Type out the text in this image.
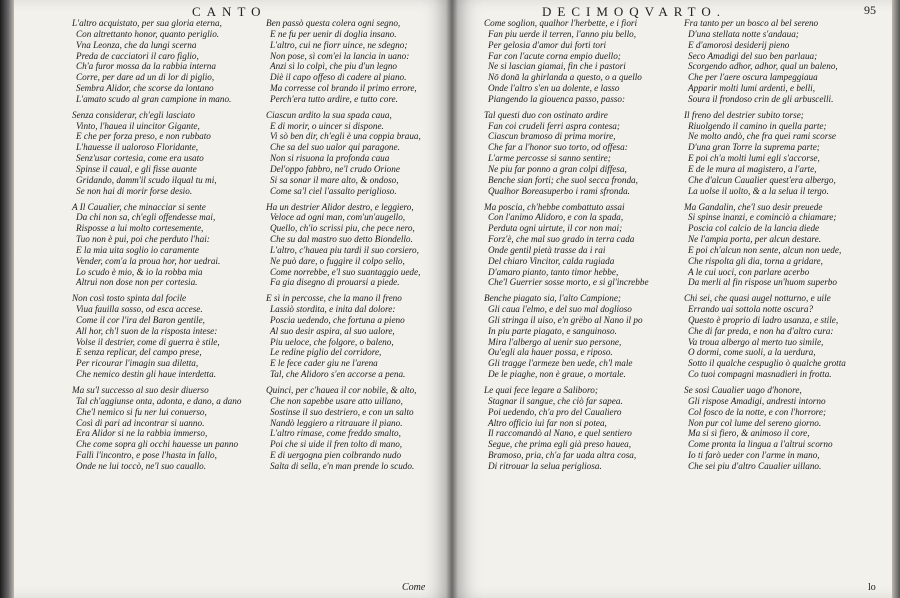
CANTO
L'altro acquistato, per sua gloria eterna,
Con altrettanto honor, quanto periglio.
Vna Leonza, che da lungi scerna
Preda de cacciatori il caro figlio,
Ch'a furor mossa da la rabbia interna
Corre, per dare ad un di lor di piglio,
Sembra Alidor, che scorse da lontano
L'amato scudo al gran campione in mano.
Senza considerar, ch'egli lasciato
Vinto, l'hauea il uincitor Gigante,
E che per forza preso, e non rubbato
L'hauesse il ualoroso Floridante,
Senz'usar cortesia, come era usato
Spinse il caual, e gli fisse auante
Gridando, damm'il scudo ilqual tu mi,
Se non hai di morir forse desio.
A Il Caualier, che minacciar si sente
Da chi non sa, ch'egli offendesse mai,
Risposse a lui molto cortesemente,
Tuo non è pui, poi che perduto l'hai:
E la mia uita soglio io caramente
Vender, com'a la proua hor, hor uedrai.
Lo scudo è mio, & io la robba mia
Altrui non dose non per cortesia.
Non così tosto spinta dal focile
Viua fauilla sosso, od esca accese.
Come il cor l'ira del Baron gentile,
All hor, ch'l suon de la risposta intese:
Volse il destrier, come di guerra è stile,
E senza replicar, del campo prese,
Per ricourar l'imagin sua diletta,
Che nemico destin gli haue interdetta.
Ma su'l successo al suo desir diuerso
Tal ch'aggiunse onta, adonta, e dano, a dano
Che'l nemico si fu ner lui conuerso,
Così di pari ad incontrar si uanno.
Era Alidor si ne la rabbia immerso,
Che come sopra gli occhi hauesse un panno
Fallì l'incontro, e pose l'hasta in fallo,
Onde ne lui toccò, ne'l suo cauallo.
Ben passò questa colera ogni segno,
E ne fu per uenir di doglia insano.
L'altro, cui ne fiorr uince, ne sdegno;
Non pose, sì com'ei la lancia in uano:
Anzi sì lo colpì, che piu d'un legno
Diè il capo offeso di cadere al piano.
Ma corresse col brando il primo errore,
Perch'era tutto ardire, e tutto core.
Ciascun ardito la sua spada caua,
E di morir, o uincer si dispone.
Vi sò ben dir, ch'egli è una coppia braua,
Che sa del suo ualor qui paragone.
Non si risuona la profonda caua
Del'oppo fabbro, ne'l crudo Orione
Si sa sonar il mare alto, & ondoso,
Come sa'l ciel l'assalto periglioso.
Ha un destrier Alidor destro, e leggiero,
Veloce ad ogni man, com'un'augello,
Quello, ch'io scrissi piu, che pece nero,
Che su dal mastro suo detto Biondello.
L'altro, c'hauea piu tardi il suo corsiero,
Ne può dare, o fuggire il colpo sello,
Come norrebbe, e'l suo suantaggio uede,
Fa gia disegno di prouarsi a piede.
E sì in percosse, che la mano il freno
Lassiò stordita, e inita dal dolore:
Poscia uedendo, che fortuna a pieno
Al suo desir aspira, al suo ualore,
Piu ueloce, che folgore, o baleno,
Le redine piglio del corridore,
E le fece cader giu ne l'arena
Tal, che Alidoro s'en accorse a pena.
Quinci, per c'hauea il cor nobile, & alto,
Che non sapebbe usare atto uillano,
Sostinse il suo destriero, e con un salto
Nandò leggiero a ritrauare il piano.
L'altro rimase, come freddo smalto,
Poi che si uide il fren tolto di mano,
E di uergogna pien colbrando nudo
Salta di sella, e'n man prende lo scudo.
Come
DECIMOQVARTO.	95
Come soglion, qualhor l'herbette, e i fiori
Fan piu uerde il terren, l'anno piu bello,
Per gelosia d'amor dui forti tori
Far con l'acute corna empio duello;
Ne si lascian giamai, fin che i pastori
Nō donā la ghirlanda a questo, o a quello
Onde l'altro s'en ua dolente, e lasso
Piangendo la giouenca passo, passo:
Tal questi duo con ostinato ardire
Fan coi crudeli ferri aspra contesa;
Ciascun bramoso di prima morire,
Che far a l'honor suo torto, od offesa:
L'arme percosse si sanno sentire;
Ne piu far ponno a gran colpi diffesa,
Benche sian forti; che suol secca fronda,
Qualhor Boreasuperbo i rami sfronda.
Ma poscia, ch'hebbe combattuto assai
Con l'animo Alidoro, e con la spada,
Perduta ogni uirtute, il cor non mai;
Forz'è, che mal suo grado in terra cada
Onde gentil pietà trasse da i rai
Del chiaro Vincitor, calda rugiada
D'amaro pianto, tanto timor hebbe,
Che'l Guerrier sosse morto, e si gl'increbbe
Benche piagato sia, l'alto Campione;
Gli caua l'elmo, e del suo mal doglioso
Gli stringa il uiso, e'n grëbo al Nano il po
In piu parte piagato, e sanguinoso.
Mira l'albergo al uenir suo persone,
Ou'egli ala hauer possa, e riposo.
Gli tragge l'armeze ben uede, ch'l male
De le piaghe, non è graue, o mortale.
Le quai fece legare a Saliboro;
Stagnar il sangue, che ciò far sapea.
Poi uedendo, ch'a pro del Caualiero
Altro officio iui far non si potea,
Il raccomandò al Nano, e quel sentiero
Segue, che prima egli già preso hauea,
Bramoso, pria, ch'a far uada altra cosa,
Di ritrouar la selua perigliosa.
Fra tanto per un bosco al bel sereno
D'una stellata notte s'andaua;
E d'amorosi desiderij pieno
Seco Amadigi del suo ben parlaua;
Scorgendo adhor, adhor, qual un baleno,
Che per l'aere oscura lampeggiaua
Apparir molti lumi ardenti, e belli,
Soura il frondoso crin de gli arbuscelli.
Il freno del destrier subito torse;
Riuolgendo il camino in quella parte;
Ne molto andò, che fra quei rami scorse
D'una gran Torre la suprema parte;
E poi ch'a molti lumi egli s'accorse,
E de le mura al magistero, a l'arte,
Che d'alcun Caualier quest'era albergo,
La uolse il uolto, & a la selua il tergo.
Ma Gandalin, che'l suo desir preuede
Si spinse inanzi, e cominciò a chiamare;
Poscia col calcio de la lancia diede
Ne l'ampia porta, per alcun destare.
E poi ch'alcun non sente, alcun non uede,
Che rispolta gli dia, torna a gridare,
A le cui uoci, con parlare acerbo
Da merli al fin rispose un'huom superbo
Chi sei, che quasi augel notturno, e uile
Errando uai sottola notte oscura?
Questo è proprio di ladro usanza, e stile,
Che di far preda, e non ha d'altro cura:
Va troua albergo al merto tuo simile,
O dormi, come suoli, a la uerdura,
Sotto il qualche cespuglio ò qualche grotta
Co tuoi compagni masnadieri in frotta.
Se sosi Caualier uago d'honore,
Gli rispose Amadigi, andresti intorno
Col fosco de la notte, e con l'horrore;
Non pur col lume del sereno giorno.
Ma si sì fiero, & animoso il core,
Come pronta la lingua a l'altrui scorno
Io ti farò ueder con l'arme in mano,
Che sei piu d'altro Caualier uillano.
lo
